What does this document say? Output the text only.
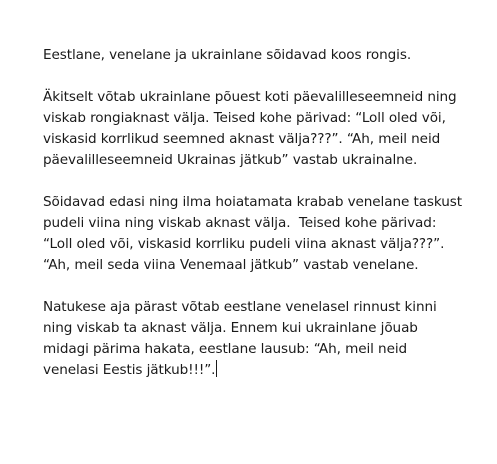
Eestlane, venelane ja ukrainlane sõidavad koos rongis.

Äkitselt võtab ukrainlane põuest koti päevalilleseemneid ning viskab rongiaknast välja. Teised kohe pärivad: “Loll oled või, viskasid korrlikud seemned aknast välja???”. “Ah, meil neid päevalilleseemneid Ukrainas jätkub” vastab ukrainalne.

Sõidavad edasi ning ilma hoiatamata krabab venelane taskust pudeli viina ning viskab aknast välja.  Teised kohe pärivad: “Loll oled või, viskasid korrliku pudeli viina aknast välja???”. “Ah, meil seda viina Venemaal jätkub” vastab venelane.

Natukese aja pärast võtab eestlane venelasel rinnust kinni ning viskab ta aknast välja. Ennem kui ukrainlane jõuab midagi pärima hakata, eestlane lausub: “Ah, meil neid venelasi Eestis jätkub!!!”.
